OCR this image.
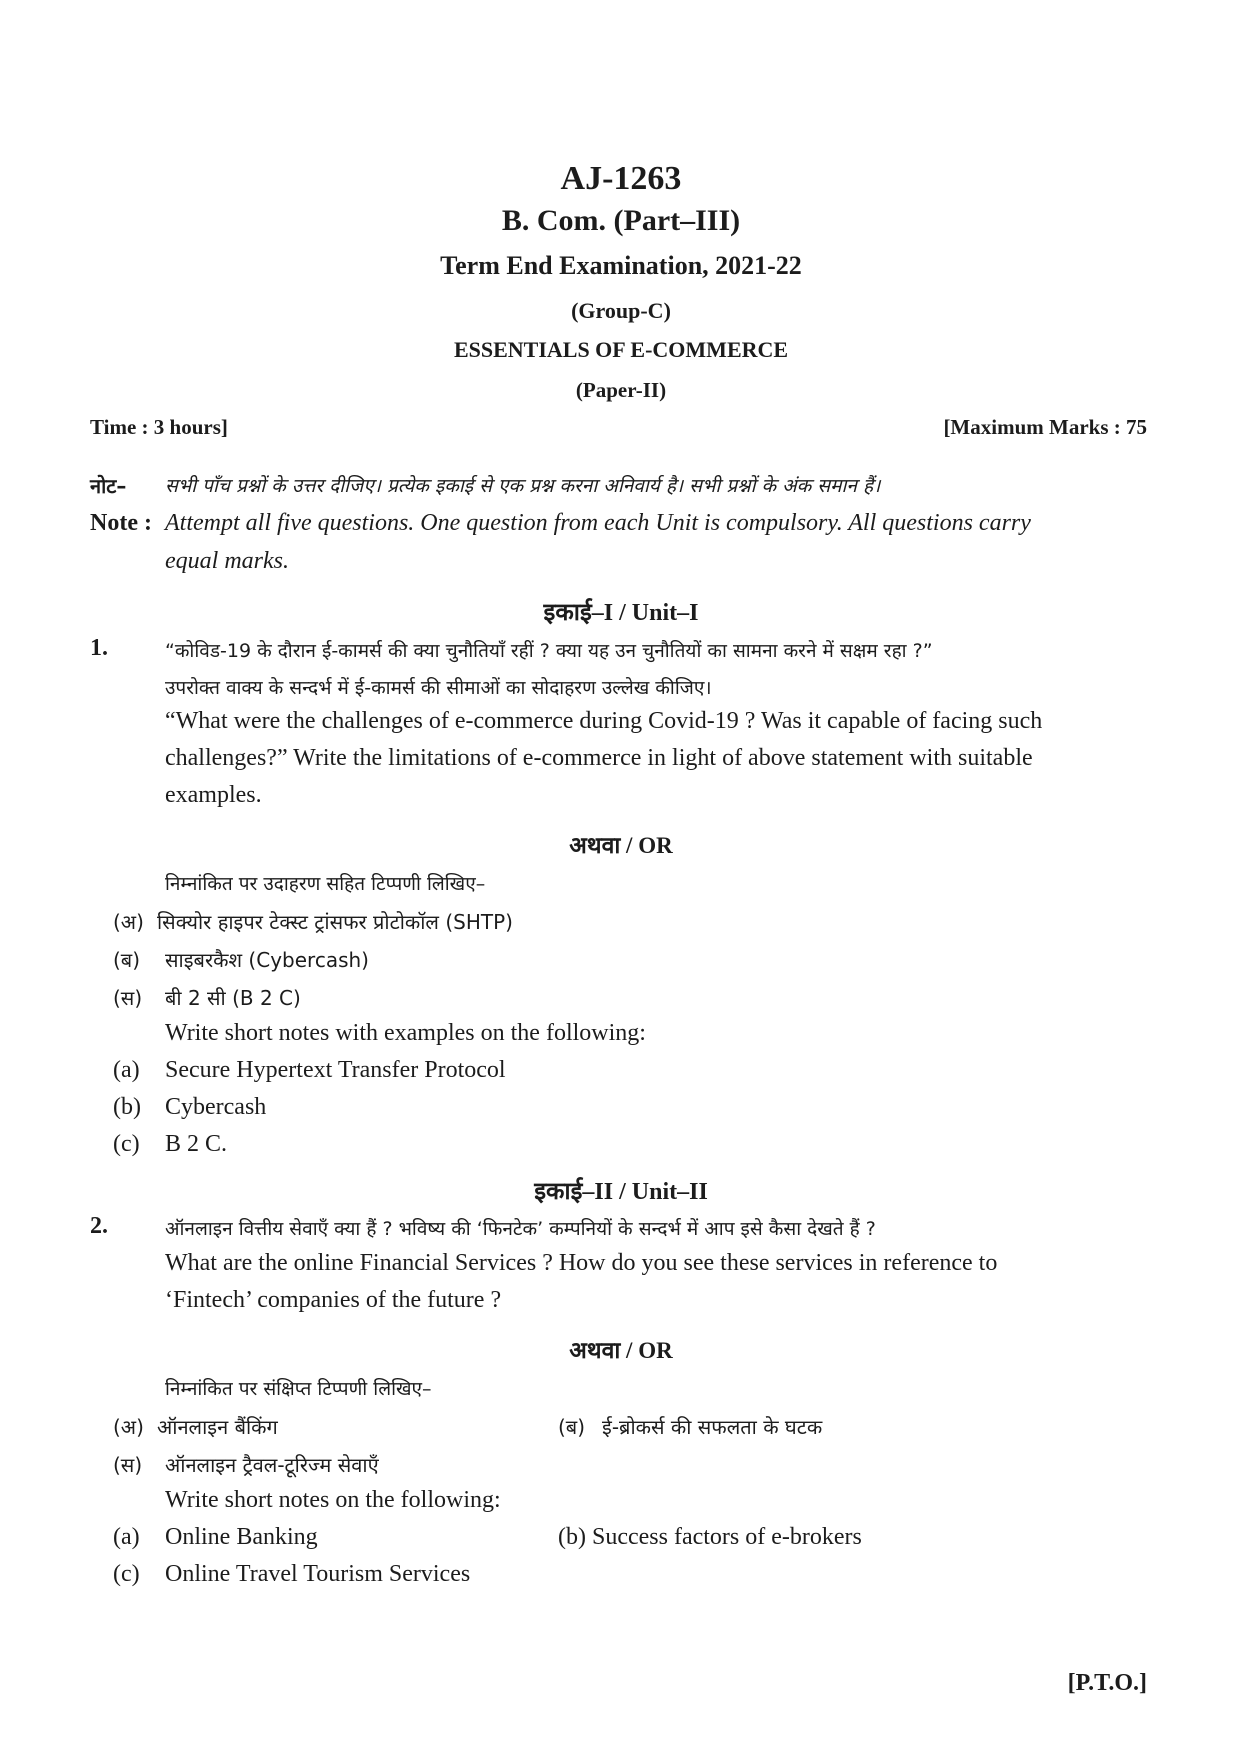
AJ-1263
B. Com. (Part–III)
Term End Examination, 2021-22
(Group-C)
ESSENTIALS OF E-COMMERCE
(Paper-II)
Time : 3 hours]	[Maximum Marks : 75
नोट– सभी पाँच प्रश्नों के उत्तर दीजिए। प्रत्येक इकाई से एक प्रश्न करना अनिवार्य है। सभी प्रश्नों के अंक समान हैं।
Note : Attempt all five questions. One question from each Unit is compulsory. All questions carry
equal marks.
इकाई–I / Unit–I
1.	“कोविड-19 के दौरान ई-कामर्स की क्या चुनौतियाँ रहीं ? क्या यह उन चुनौतियों का सामना करने में सक्षम रहा ?”
उपरोक्त वाक्य के सन्दर्भ में ई-कामर्स की सीमाओं का सोदाहरण उल्लेख कीजिए।
“What were the challenges of e-commerce during Covid-19 ? Was it capable of facing such
challenges?” Write the limitations of e-commerce in light of above statement with suitable
examples.
अथवा / OR
निम्नांकित पर उदाहरण सहित टिप्पणी लिखिए–
(अ) सिक्योर हाइपर टेक्स्ट ट्रांसफर प्रोटोकॉल (SHTP)
(ब) साइबरकैश (Cybercash)
(स) बी 2 सी (B 2 C)
Write short notes with examples on the following:
(a) Secure Hypertext Transfer Protocol
(b) Cybercash
(c) B 2 C.
इकाई–II / Unit–II
2.	ऑनलाइन वित्तीय सेवाएँ क्या हैं ? भविष्य की ‘फिनटेक’ कम्पनियों के सन्दर्भ में आप इसे कैसा देखते हैं ?
What are the online Financial Services ? How do you see these services in reference to
‘Fintech’ companies of the future ?
अथवा / OR
निम्नांकित पर संक्षिप्त टिप्पणी लिखिए–
(अ) ऑनलाइन बैंकिंग	(ब) ई-ब्रोकर्स की सफलता के घटक
(स) ऑनलाइन ट्रैवल-टूरिज्म सेवाएँ
Write short notes on the following:
(a) Online Banking	(b) Success factors of e-brokers
(c) Online Travel Tourism Services
[P.T.O.]
